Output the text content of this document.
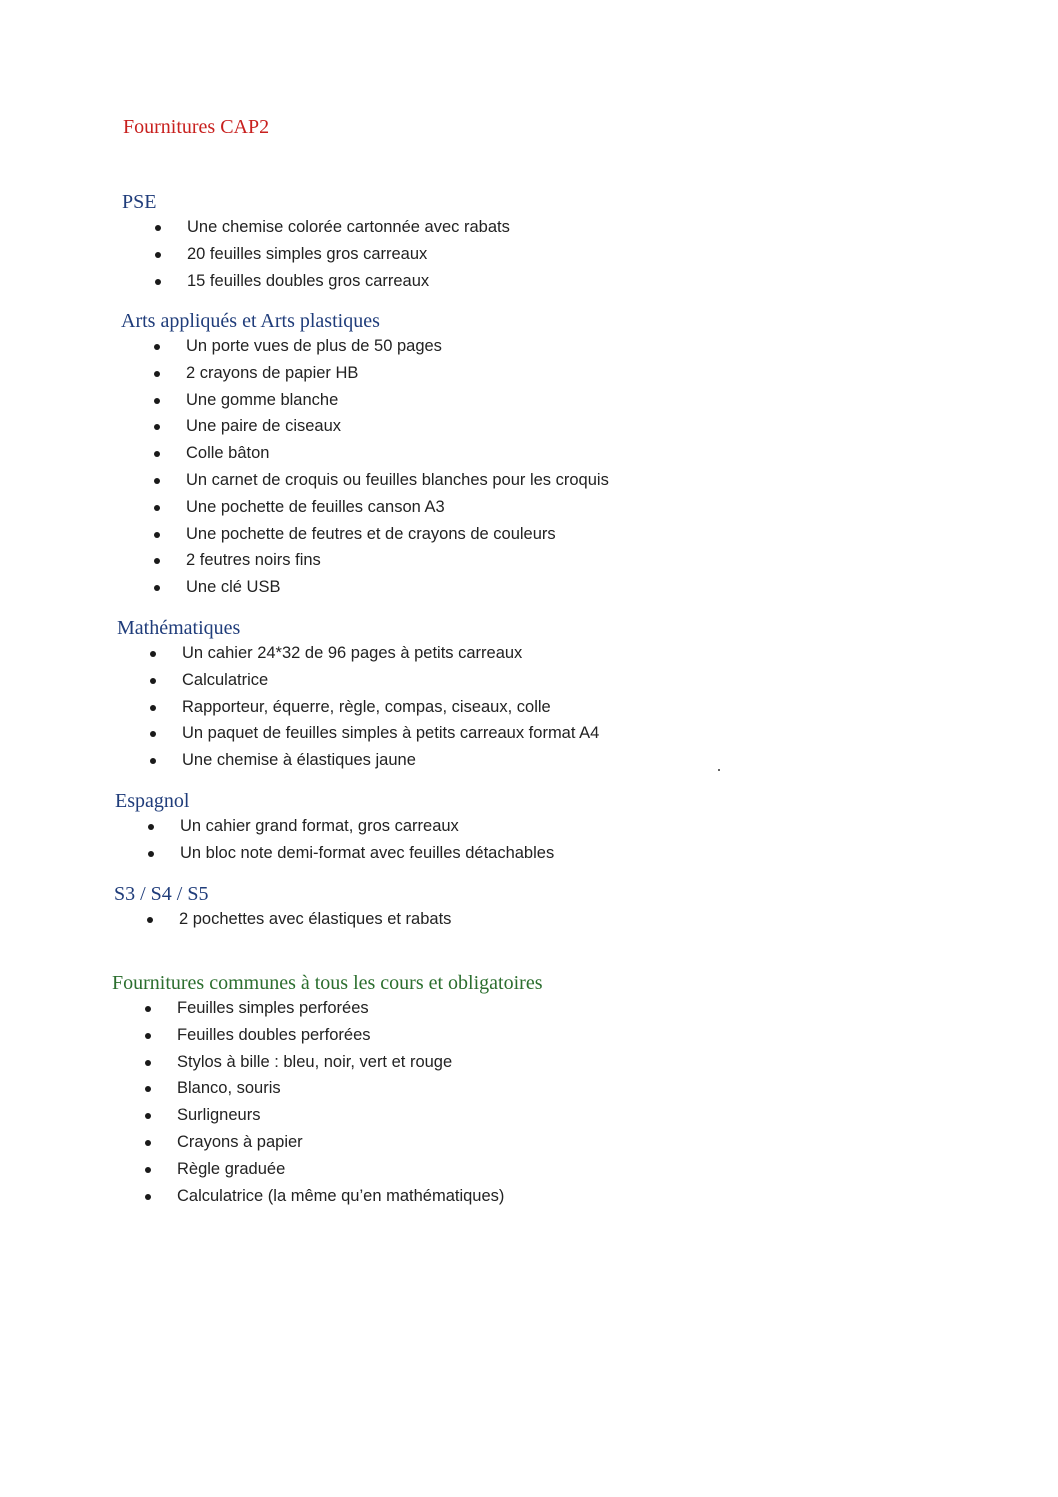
Fournitures CAP2
PSE
Une chemise colorée cartonnée avec rabats
20 feuilles simples gros carreaux
15 feuilles doubles gros carreaux
Arts appliqués et Arts plastiques
Un porte vues de plus de 50 pages
2 crayons de papier HB
Une gomme blanche
Une paire de ciseaux
Colle bâton
Un carnet de croquis ou feuilles blanches pour les croquis
Une pochette de feuilles canson A3
Une pochette de feutres et de crayons de couleurs
2 feutres noirs fins
Une clé USB
Mathématiques
Un cahier 24*32 de 96 pages à petits carreaux
Calculatrice
Rapporteur, équerre, règle, compas, ciseaux, colle
Un paquet de feuilles simples à petits carreaux format A4
Une chemise à élastiques jaune
Espagnol
Un cahier grand format, gros carreaux
Un bloc note demi-format avec feuilles détachables
S3 / S4 / S5
2 pochettes avec élastiques et rabats
Fournitures communes à tous les cours et obligatoires
Feuilles simples perforées
Feuilles doubles perforées
Stylos à bille : bleu, noir, vert et rouge
Blanco, souris
Surligneurs
Crayons à papier
Règle graduée
Calculatrice (la même qu’en mathématiques)
